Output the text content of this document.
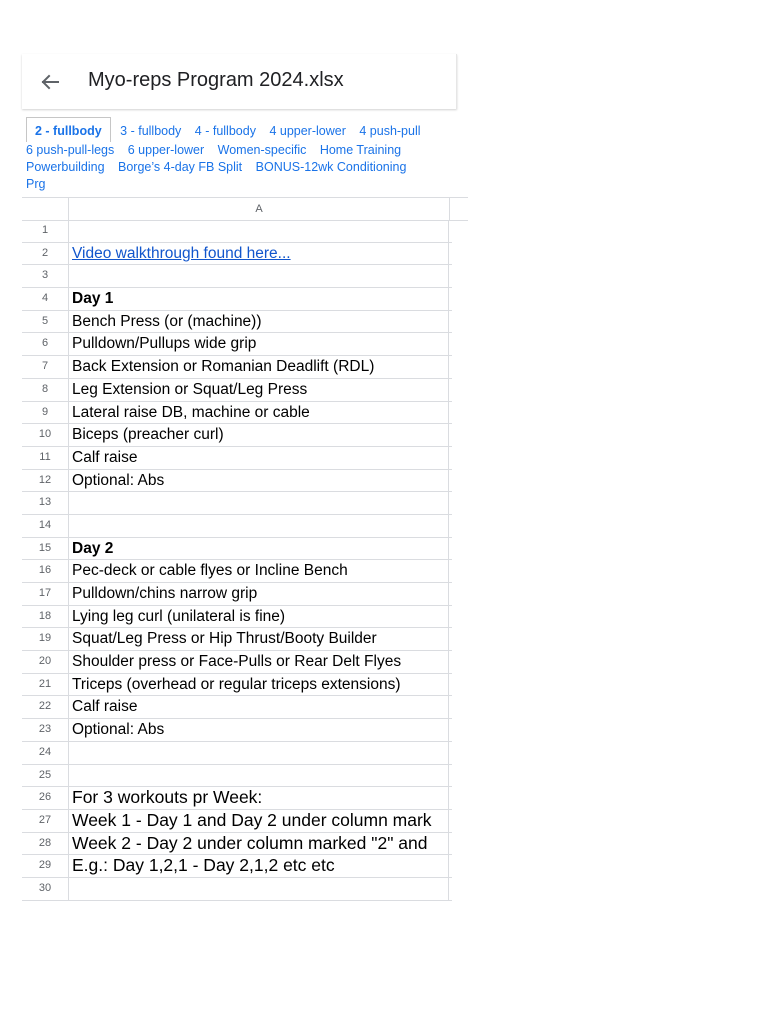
Myo-reps Program 2024.xlsx
2 - fullbody 3 - fullbody 4 - fullbody 4 upper-lower 4 push-pull 6 push-pull-legs 6 upper-lower Women-specific Home Training Powerbuilding Borge’s 4-day FB Split BONUS-12wk Conditioning Prg
A
1
2	Video walkthrough found here...
3
4	Day 1
5	Bench Press (or (machine))
6	Pulldown/Pullups wide grip
7	Back Extension or Romanian Deadlift (RDL)
8	Leg Extension or Squat/Leg Press
9	Lateral raise DB, machine or cable
10	Biceps (preacher curl)
11	Calf raise
12	Optional: Abs
13
14
15	Day 2
16	Pec-deck or cable flyes or Incline Bench
17	Pulldown/chins narrow grip
18	Lying leg curl (unilateral is fine)
19	Squat/Leg Press or Hip Thrust/Booty Builder
20	Shoulder press or Face-Pulls or Rear Delt Flyes
21	Triceps (overhead or regular triceps extensions)
22	Calf raise
23	Optional: Abs
24
25
26	For 3 workouts pr Week:
27	Week 1 - Day 1 and Day 2 under column mark
28	Week 2 - Day 2 under column marked "2" and
29	E.g.: Day 1,2,1 - Day 2,1,2 etc etc
30
